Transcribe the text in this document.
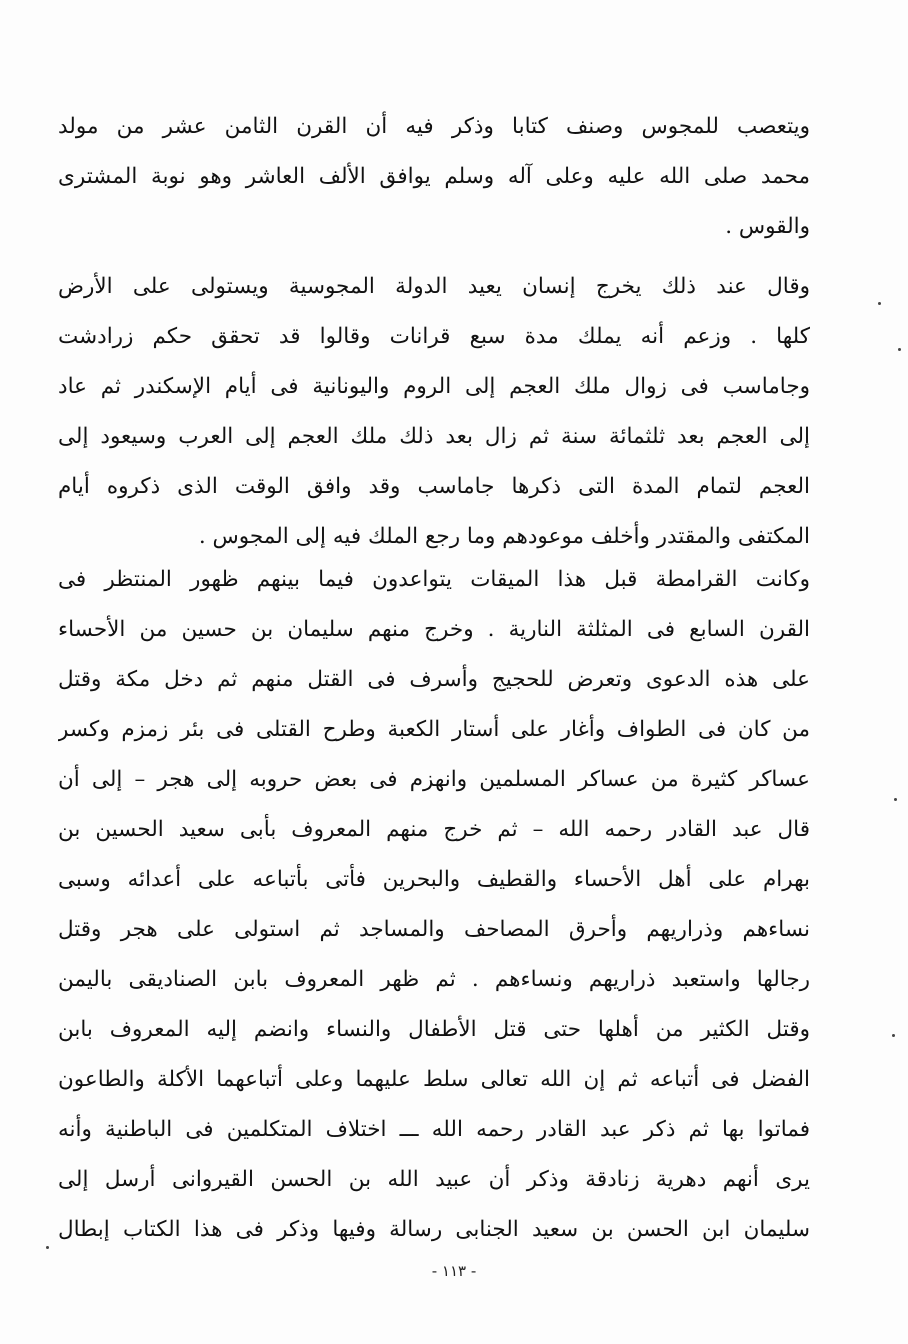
ويتعصب للمجوس وصنف كتابا وذكر فيه أن القرن الثامن عشر من مولد
محمد صلى الله عليه وعلى آله وسلم يوافق الألف العاشر وهو نوبة المشترى
والقوس .
وقال عند ذلك يخرج إنسان يعيد الدولة المجوسية ويستولى على الأرض
كلها . وزعم أنه يملك مدة سبع قرانات وقالوا قد تحقق حكم زرادشت
وجاماسب فى زوال ملك العجم إلى الروم واليونانية فى أيام الإسكندر ثم عاد
إلى العجم بعد ثلثمائة سنة ثم زال بعد ذلك ملك العجم إلى العرب وسيعود إلى
العجم لتمام المدة التى ذكرها جاماسب وقد وافق الوقت الذى ذكروه أيام
المكتفى والمقتدر وأخلف موعودهم وما رجع الملك فيه إلى المجوس .
وكانت القرامطة قبل هذا الميقات يتواعدون فيما بينهم ظهور المنتظر فى
القرن السابع فى المثلثة النارية . وخرج منهم سليمان بن حسين من الأحساء
على هذه الدعوى وتعرض للحجيج وأسرف فى القتل منهم ثم دخل مكة وقتل
من كان فى الطواف وأغار على أستار الكعبة وطرح القتلى فى بئر زمزم وكسر
عساكر كثيرة من عساكر المسلمين وانهزم فى بعض حروبه إلى هجر – إلى أن
قال عبد القادر رحمه الله – ثم خرج منهم المعروف بأبى سعيد الحسين بن
بهرام على أهل الأحساء والقطيف والبحرين فأتى بأتباعه على أعدائه وسبى
نساءهم وذراريهم وأحرق المصاحف والمساجد ثم استولى على هجر وقتل
رجالها واستعبد ذراريهم ونساءهم . ثم ظهر المعروف بابن الصناديقى باليمن
وقتل الكثير من أهلها حتى قتل الأطفال والنساء وانضم إليه المعروف بابن
الفضل فى أتباعه ثم إن الله تعالى سلط عليهما وعلى أتباعهما الأكلة والطاعون
فماتوا بها ثم ذكر عبد القادر رحمه الله ـــ اختلاف المتكلمين فى الباطنية وأنه
يرى أنهم دهرية زنادقة وذكر أن عبيد الله بن الحسن القيروانى أرسل إلى
سليمان ابن الحسن بن سعيد الجنابى رسالة وفيها وذكر فى هذا الكتاب إبطال
- ١١٣ -
